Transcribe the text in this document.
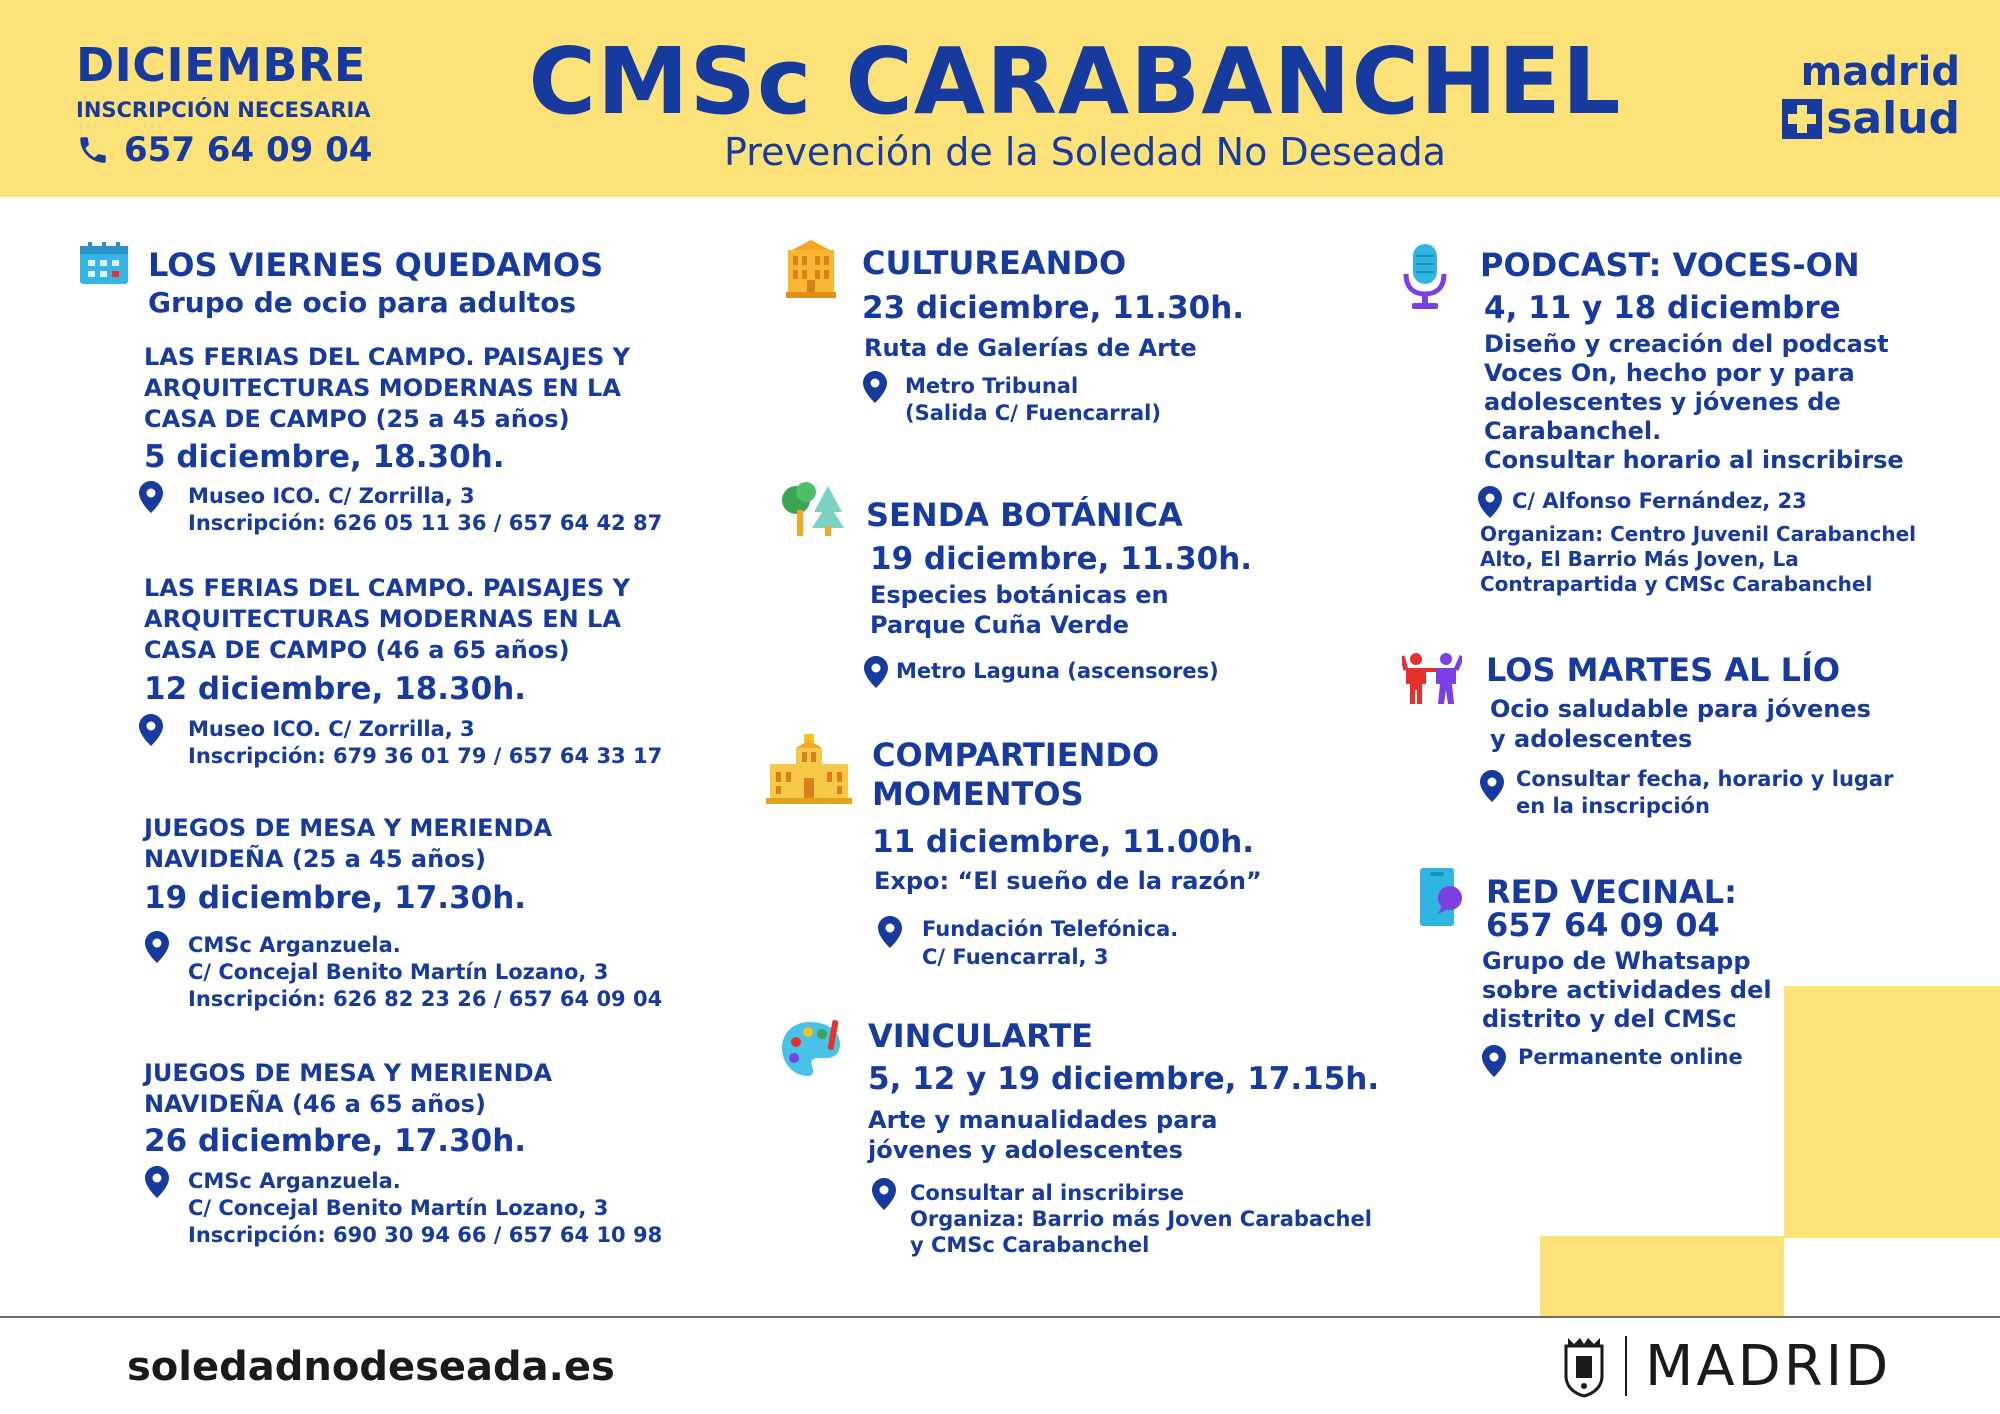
DICIEMBRE
INSCRIPCIÓN NECESARIA
657 64 09 04
CMSc CARABANCHEL
Prevención de la Soledad No Deseada
madrid
salud
LOS VIERNES QUEDAMOS
Grupo de ocio para adultos
LAS FERIAS DEL CAMPO. PAISAJES Y
ARQUITECTURAS MODERNAS EN LA
CASA DE CAMPO (25 a 45 años)
5 diciembre, 18.30h.
Museo ICO. C/ Zorrilla, 3
Inscripción: 626 05 11 36 / 657 64 42 87
LAS FERIAS DEL CAMPO. PAISAJES Y
ARQUITECTURAS MODERNAS EN LA
CASA DE CAMPO (46 a 65 años)
12 diciembre, 18.30h.
Museo ICO. C/ Zorrilla, 3
Inscripción: 679 36 01 79 / 657 64 33 17
JUEGOS DE MESA Y MERIENDA
NAVIDEÑA (25 a 45 años)
19 diciembre, 17.30h.
CMSc Arganzuela.
C/ Concejal Benito Martín Lozano, 3
Inscripción: 626 82 23 26 / 657 64 09 04
JUEGOS DE MESA Y MERIENDA
NAVIDEÑA (46 a 65 años)
26 diciembre, 17.30h.
CMSc Arganzuela.
C/ Concejal Benito Martín Lozano, 3
Inscripción: 690 30 94 66 / 657 64 10 98
CULTUREANDO
23 diciembre, 11.30h.
Ruta de Galerías de Arte
Metro Tribunal
(Salida C/ Fuencarral)
SENDA BOTÁNICA
19 diciembre, 11.30h.
Especies botánicas en
Parque Cuña Verde
Metro Laguna (ascensores)
COMPARTIENDO
MOMENTOS
11 diciembre, 11.00h.
Expo: “El sueño de la razón”
Fundación Telefónica.
C/ Fuencarral, 3
VINCULARTE
5, 12 y 19 diciembre, 17.15h.
Arte y manualidades para
jóvenes y adolescentes
Consultar al inscribirse
Organiza: Barrio más Joven Carabachel
y CMSc Carabanchel
PODCAST: VOCES-ON
4, 11 y 18 diciembre
Diseño y creación del podcast
Voces On, hecho por y para
adolescentes y jóvenes de
Carabanchel.
Consultar horario al inscribirse
C/ Alfonso Fernández, 23
Organizan: Centro Juvenil Carabanchel
Alto, El Barrio Más Joven, La
Contrapartida y CMSc Carabanchel
LOS MARTES AL LÍO
Ocio saludable para jóvenes
y adolescentes
Consultar fecha, horario y lugar
en la inscripción
RED VECINAL:
657 64 09 04
Grupo de Whatsapp
sobre actividades del
distrito y del CMSc
Permanente online
soledadnodeseada.es	MADRID
